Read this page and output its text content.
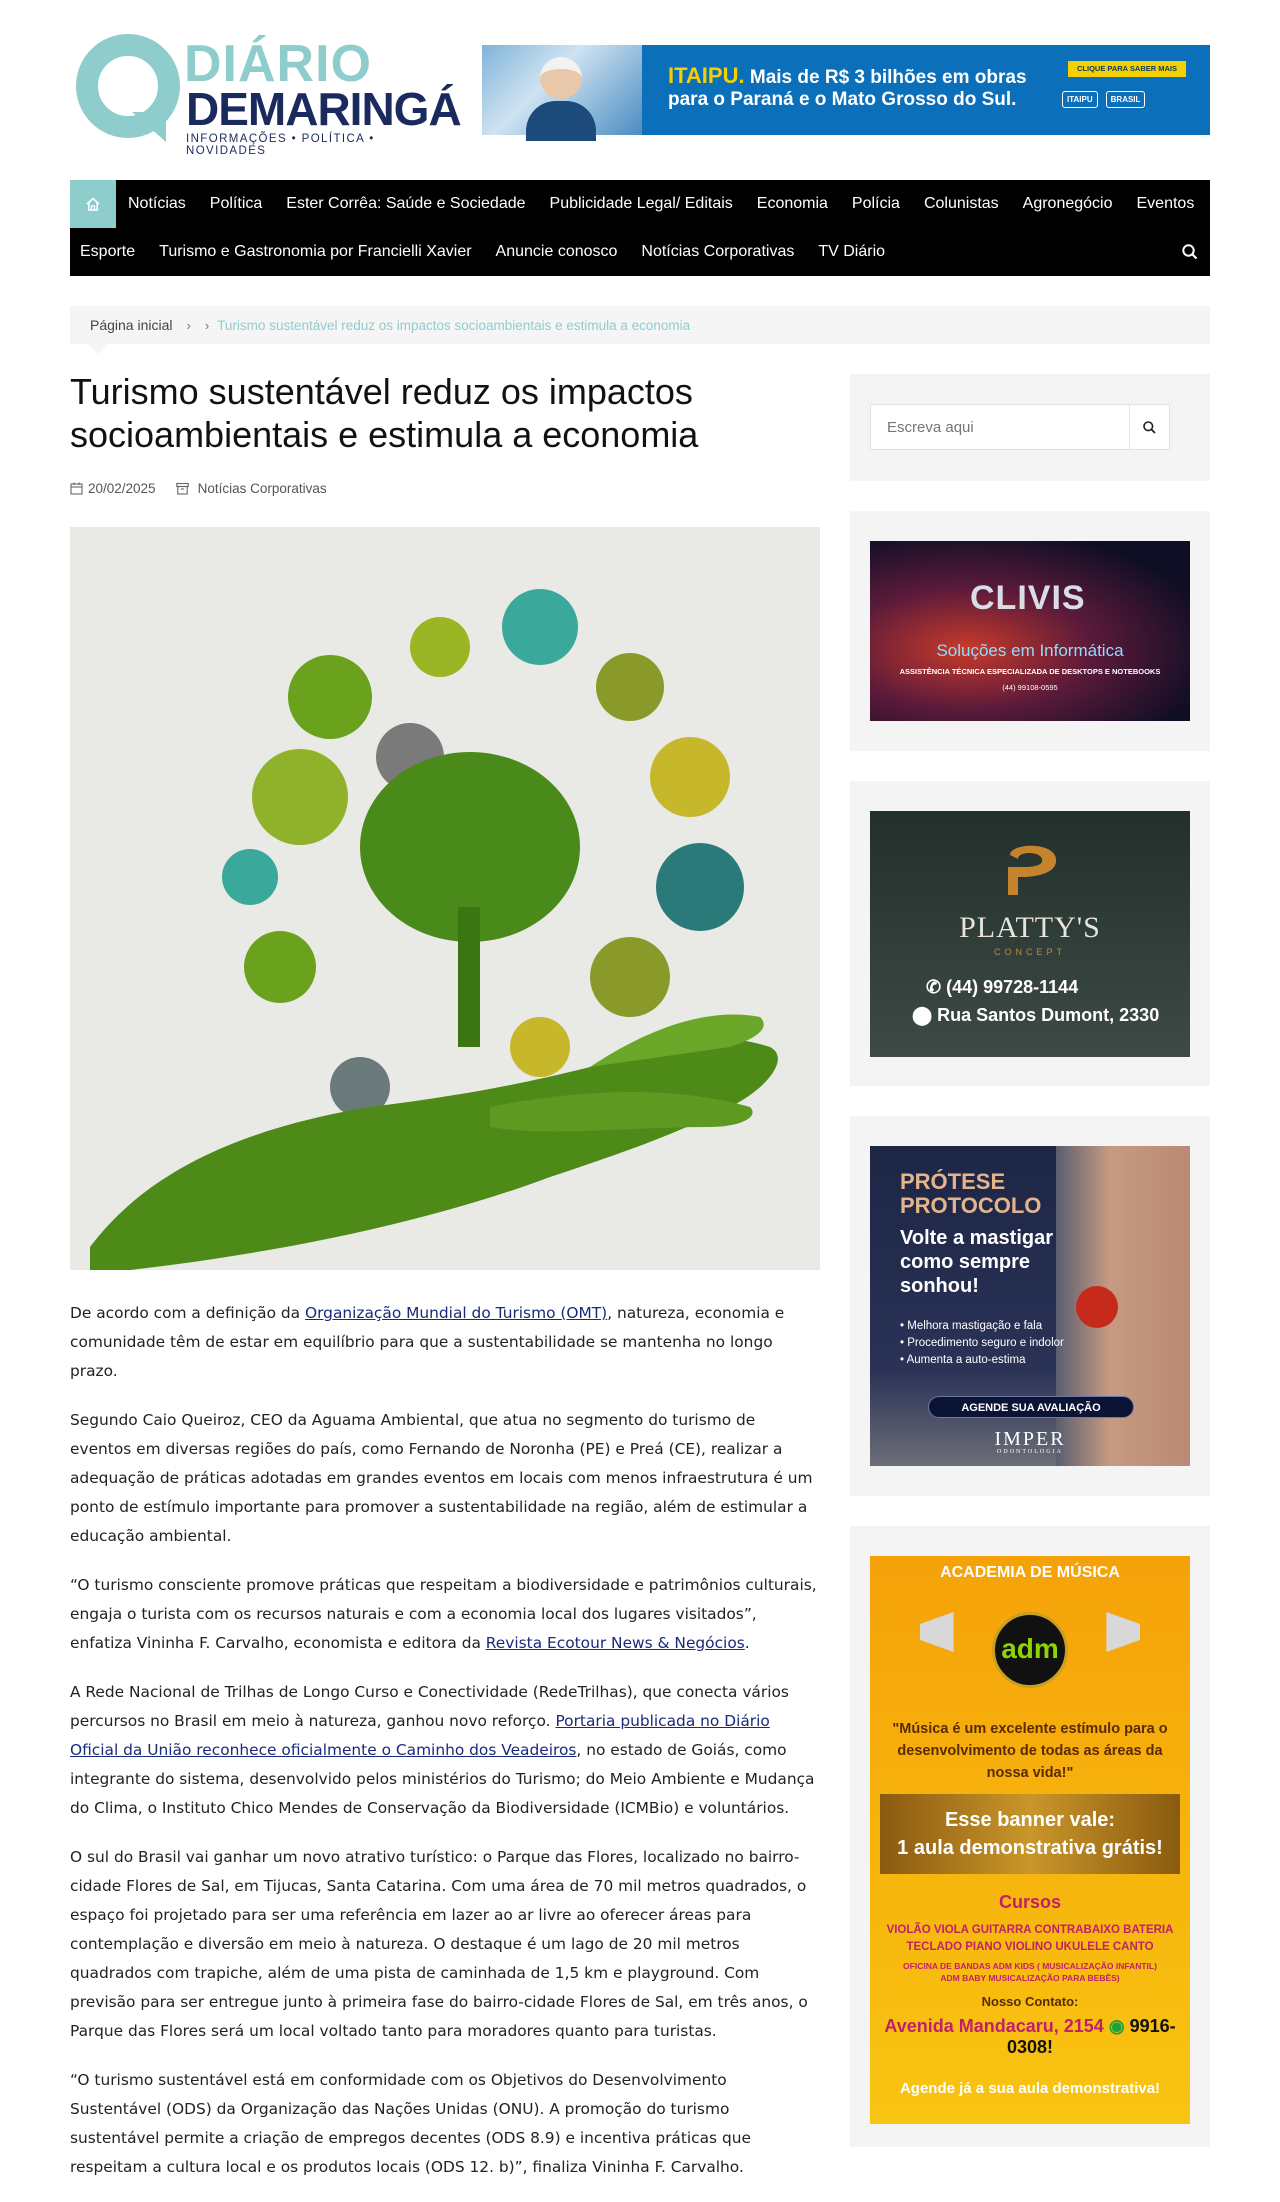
DIÁRIO
DEMARINGÁ
INFORMAÇÕES • POLÍTICA • NOVIDADES
ITAIPU. Mais de R$ 3 bilhões em obras
para o Paraná e o Mato Grosso do Sul.
CLIQUE PARA SABER MAIS
ITAIPU BRASIL
Notícias	Política	Ester Corrêa: Saúde e Sociedade	Publicidade Legal/ Editais	Economia	Polícia	Colunistas	Agronegócio	Eventos
Esporte	Turismo e Gastronomia por Francielli Xavier	Anuncie conosco	Notícias Corporativas	TV Diário
Página inicial › › Turismo sustentável reduz os impactos socioambientais e estimula a economia
Turismo sustentável reduz os impactos socioambientais e estimula a economia
20/02/2025	Notícias Corporativas

De acordo com a definição da Organização Mundial do Turismo (OMT), natureza, economia e comunidade têm de estar em equilíbrio para que a sustentabilidade se mantenha no longo prazo.

Segundo Caio Queiroz, CEO da Aguama Ambiental, que atua no segmento do turismo de eventos em diversas regiões do país, como Fernando de Noronha (PE) e Preá (CE), realizar a adequação de práticas adotadas em grandes eventos em locais com menos infraestrutura é um ponto de estímulo importante para promover a sustentabilidade na região, além de estimular a educação ambiental.

“O turismo consciente promove práticas que respeitam a biodiversidade e patrimônios culturais, engaja o turista com os recursos naturais e com a economia local dos lugares visitados”, enfatiza Vininha F. Carvalho, economista e editora da Revista Ecotour News & Negócios.

A Rede Nacional de Trilhas de Longo Curso e Conectividade (RedeTrilhas), que conecta vários percursos no Brasil em meio à natureza, ganhou novo reforço. Portaria publicada no Diário Oficial da União reconhece oficialmente o Caminho dos Veadeiros, no estado de Goiás, como integrante do sistema, desenvolvido pelos ministérios do Turismo; do Meio Ambiente e Mudança do Clima, o Instituto Chico Mendes de Conservação da Biodiversidade (ICMBio) e voluntários.

O sul do Brasil vai ganhar um novo atrativo turístico: o Parque das Flores, localizado no bairro-cidade Flores de Sal, em Tijucas, Santa Catarina. Com uma área de 70 mil metros quadrados, o espaço foi projetado para ser uma referência em lazer ao ar livre ao oferecer áreas para contemplação e diversão em meio à natureza. O destaque é um lago de 20 mil metros quadrados com trapiche, além de uma pista de caminhada de 1,5 km e playground. Com previsão para ser entregue junto à primeira fase do bairro-cidade Flores de Sal, em três anos, o Parque das Flores será um local voltado tanto para moradores quanto para turistas.

“O turismo sustentável está em conformidade com os Objetivos do Desenvolvimento Sustentável (ODS) da Organização das Nações Unidas (ONU). A promoção do turismo sustentável permite a criação de empregos decentes (ODS 8.9) e incentiva práticas que respeitam a cultura local e os produtos locais (ODS 12. b)”, finaliza Vininha F. Carvalho.

Escreva aqui
CLIVIS
Soluções em Informática
ASSISTÊNCIA TÉCNICA ESPECIALIZADA DE DESKTOPS E NOTEBOOKS
(44) 99108-0595
PLATTY'S
CONCEPT
✆ (44) 99728-1144
⬤ Rua Santos Dumont, 2330
PRÓTESE
PROTOCOLO
Volte a mastigar como sempre sonhou!
• Melhora mastigação e fala
• Procedimento seguro e indolor
• Aumenta a auto-estima
AGENDE SUA AVALIAÇÃO
IMPER
ODONTOLOGIA
ACADEMIA DE MÚSICA
adm
"Música é um excelente estímulo para o desenvolvimento de todas as áreas da nossa vida!"
Esse banner vale:
1 aula demonstrativa grátis!
Cursos
VIOLÃO VIOLA GUITARRA CONTRABAIXO BATERIA
TECLADO PIANO VIOLINO UKULELE CANTO
OFICINA DE BANDAS ADM KIDS ( MUSICALIZAÇÃO INFANTIL)
ADM BABY MUSICALIZAÇÃO PARA BEBÊS)
Nosso Contato:
Avenida Mandacaru, 2154 ◉ 9916-0308!
Agende já a sua aula demonstrativa!
